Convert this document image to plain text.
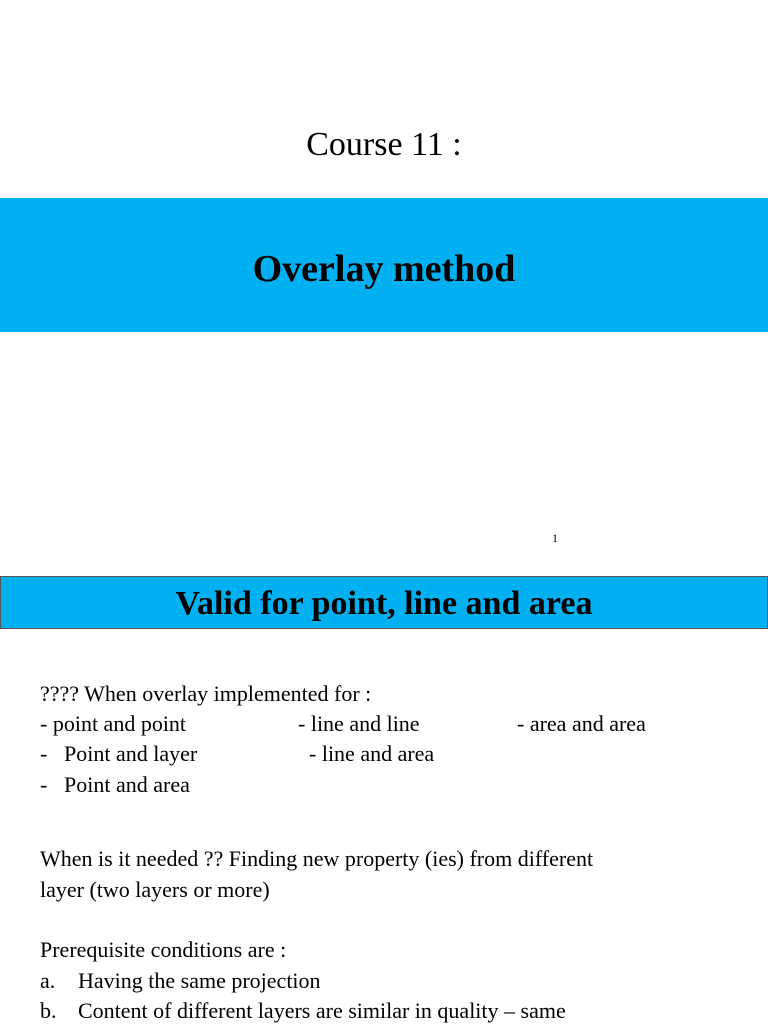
Course 11 :
Overlay method
1
Valid for point, line and area
???? When overlay implemented for :
- point and point	- line and line	- area and area
- Point and layer	- line and area
- Point and area
When is it needed ?? Finding new property (ies) from different
layer (two layers or more)
Prerequisite conditions are :
a. Having the same projection
b. Content of different layers are similar in quality – same
